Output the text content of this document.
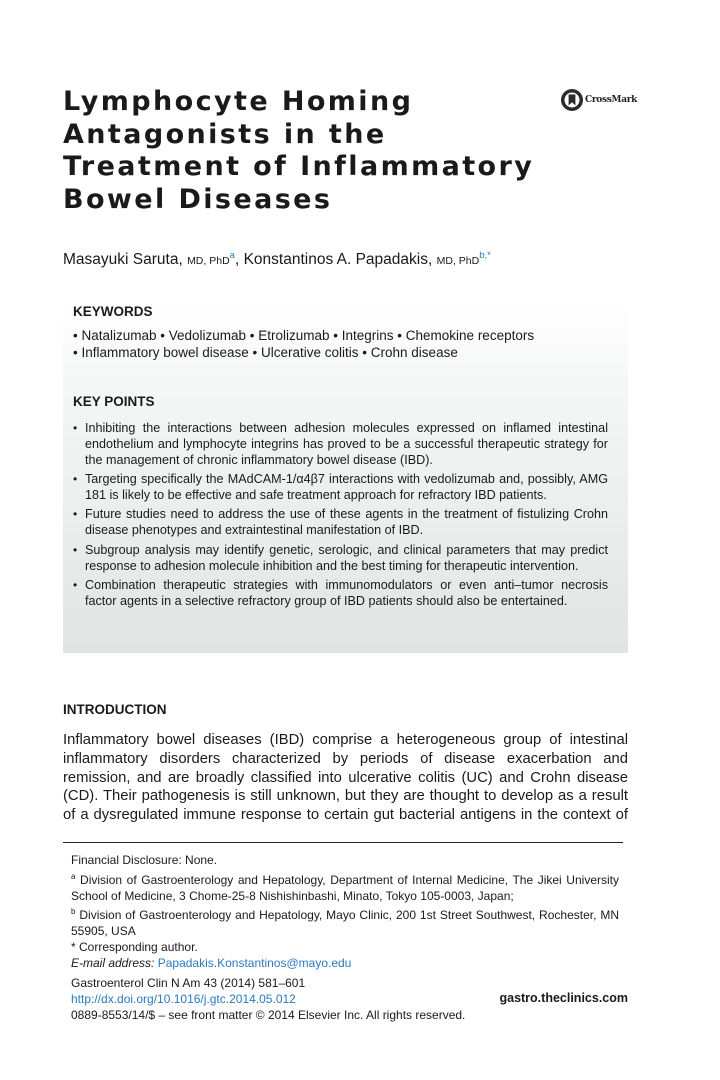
Lymphocyte Homing
Antagonists in the
Treatment of Inflammatory
Bowel Diseases
CrossMark
Masayuki Saruta, MD, PhD$^a$, Konstantinos A. Papadakis, MD, PhD$^{b,*}$
KEYWORDS
• Natalizumab • Vedolizumab • Etrolizumab • Integrins • Chemokine receptors
• Inflammatory bowel disease • Ulcerative colitis • Crohn disease
KEY POINTS
• Inhibiting the interactions between adhesion molecules expressed on inflamed intestinal endothelium and lymphocyte integrins has proved to be a successful therapeutic strategy for the management of chronic inflammatory bowel disease (IBD).
• Targeting specifically the MAdCAM-1/α4β7 interactions with vedolizumab and, possibly, AMG 181 is likely to be effective and safe treatment approach for refractory IBD patients.
• Future studies need to address the use of these agents in the treatment of fistulizing Crohn disease phenotypes and extraintestinal manifestation of IBD.
• Subgroup analysis may identify genetic, serologic, and clinical parameters that may predict response to adhesion molecule inhibition and the best timing for therapeutic intervention.
• Combination therapeutic strategies with immunomodulators or even anti–tumor necrosis factor agents in a selective refractory group of IBD patients should also be entertained.
INTRODUCTION

Inflammatory bowel diseases (IBD) comprise a heterogeneous group of intestinal inflammatory disorders characterized by periods of disease exacerbation and remission, and are broadly classified into ulcerative colitis (UC) and Crohn disease (CD). Their pathogenesis is still unknown, but they are thought to develop as a result of a dysregulated immune response to certain gut bacterial antigens in the context of

Financial Disclosure: None.

$^a$ Division of Gastroenterology and Hepatology, Department of Internal Medicine, The Jikei University School of Medicine, 3 Chome-25-8 Nishishinbashi, Minato, Tokyo 105-0003, Japan;

$^b$ Division of Gastroenterology and Hepatology, Mayo Clinic, 200 1st Street Southwest, Rochester, MN 55905, USA

* Corresponding author.

E-mail address: Papadakis.Konstantinos@mayo.edu

Gastroenterol Clin N Am 43 (2014) 581–601
http://dx.doi.org/10.1016/j.gtc.2014.05.012
0889-8553/14/$ – see front matter © 2014 Elsevier Inc. All rights reserved.
gastro.theclinics.com
